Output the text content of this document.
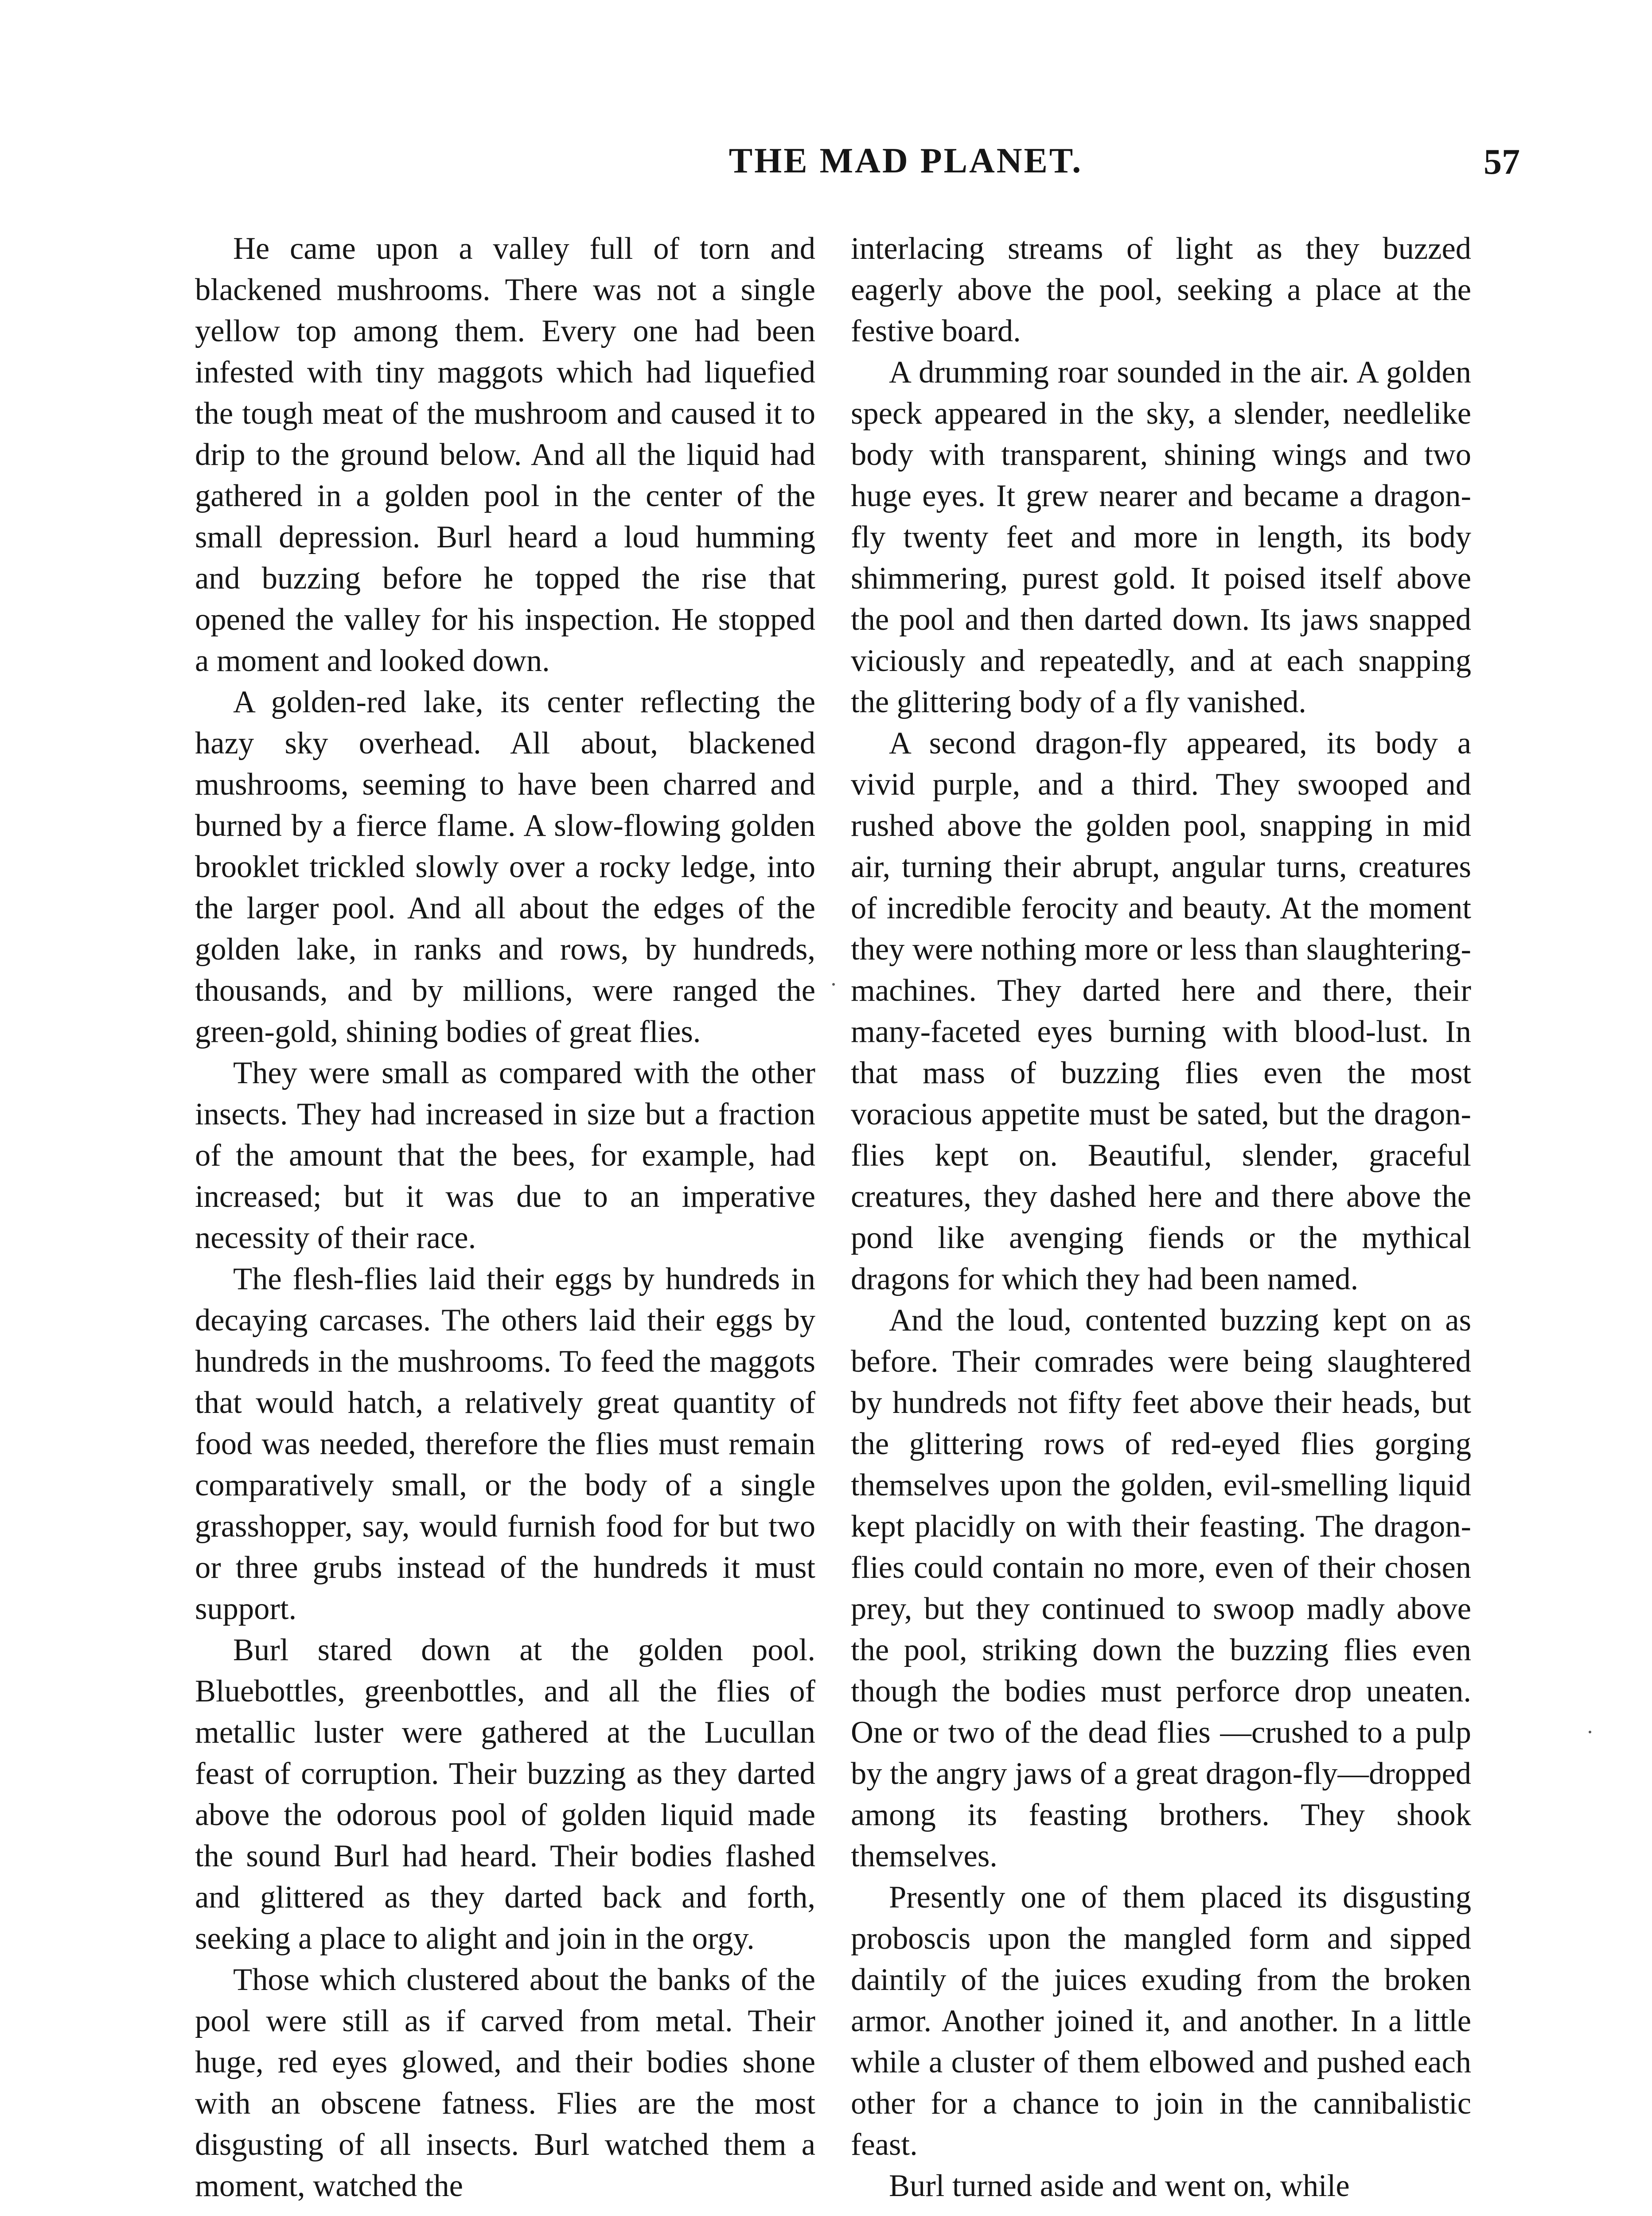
THE MAD PLANET.	57

He came upon a valley full of torn and blackened mushrooms. There was not a single yellow top among them. Every one had been infested with tiny maggots which had liquefied the tough meat of the mushroom and caused it to drip to the ground below. And all the liquid had gathered in a golden pool in the center of the small depression. Burl heard a loud humming and buzzing before he topped the rise that opened the valley for his inspection. He stopped a moment and looked down.

A golden-red lake, its center reflecting the hazy sky overhead. All about, blackened mushrooms, seeming to have been charred and burned by a fierce flame. A slow-flowing golden brooklet trickled slowly over a rocky ledge, into the larger pool. And all about the edges of the golden lake, in ranks and rows, by hundreds, thousands, and by millions, were ranged the green-gold, shining bodies of great flies.

They were small as compared with the other insects. They had increased in size but a fraction of the amount that the bees, for example, had increased; but it was due to an imperative necessity of their race.

The flesh-flies laid their eggs by hundreds in decaying carcases. The others laid their eggs by hundreds in the mushrooms. To feed the maggots that would hatch, a relatively great quantity of food was needed, therefore the flies must remain comparatively small, or the body of a single grasshopper, say, would furnish food for but two or three grubs instead of the hundreds it must support.

Burl stared down at the golden pool. Bluebottles, greenbottles, and all the flies of metallic luster were gathered at the Lucullan feast of corruption. Their buzzing as they darted above the odorous pool of golden liquid made the sound Burl had heard. Their bodies flashed and glittered as they darted back and forth, seeking a place to alight and join in the orgy.

Those which clustered about the banks of the pool were still as if carved from metal. Their huge, red eyes glowed, and their bodies shone with an obscene fatness. Flies are the most disgusting of all insects. Burl watched them a moment, watched the

interlacing streams of light as they buzzed eagerly above the pool, seeking a place at the festive board.

A drumming roar sounded in the air. A golden speck appeared in the sky, a slender, needlelike body with transparent, shining wings and two huge eyes. It grew nearer and became a dragon-fly twenty feet and more in length, its body shimmering, purest gold. It poised itself above the pool and then darted down. Its jaws snapped viciously and repeatedly, and at each snapping the glittering body of a fly vanished.

A second dragon-fly appeared, its body a vivid purple, and a third. They swooped and rushed above the golden pool, snapping in mid air, turning their abrupt, angular turns, creatures of incredible ferocity and beauty. At the moment they were nothing more or less than slaughtering-machines. They darted here and there, their many-faceted eyes burning with blood-lust. In that mass of buzzing flies even the most voracious appetite must be sated, but the dragon-flies kept on. Beautiful, slender, graceful creatures, they dashed here and there above the pond like avenging fiends or the mythical dragons for which they had been named.

And the loud, contented buzzing kept on as before. Their comrades were being slaughtered by hundreds not fifty feet above their heads, but the glittering rows of red-eyed flies gorging themselves upon the golden, evil-smelling liquid kept placidly on with their feasting. The dragon-flies could contain no more, even of their chosen prey, but they continued to swoop madly above the pool, striking down the buzzing flies even though the bodies must perforce drop uneaten. One or two of the dead flies —crushed to a pulp by the angry jaws of a great dragon-fly—dropped among its feasting brothers. They shook themselves.

Presently one of them placed its disgusting proboscis upon the mangled form and sipped daintily of the juices exuding from the broken armor. Another joined it, and another. In a little while a cluster of them elbowed and pushed each other for a chance to join in the cannibalistic feast.

Burl turned aside and went on, while
